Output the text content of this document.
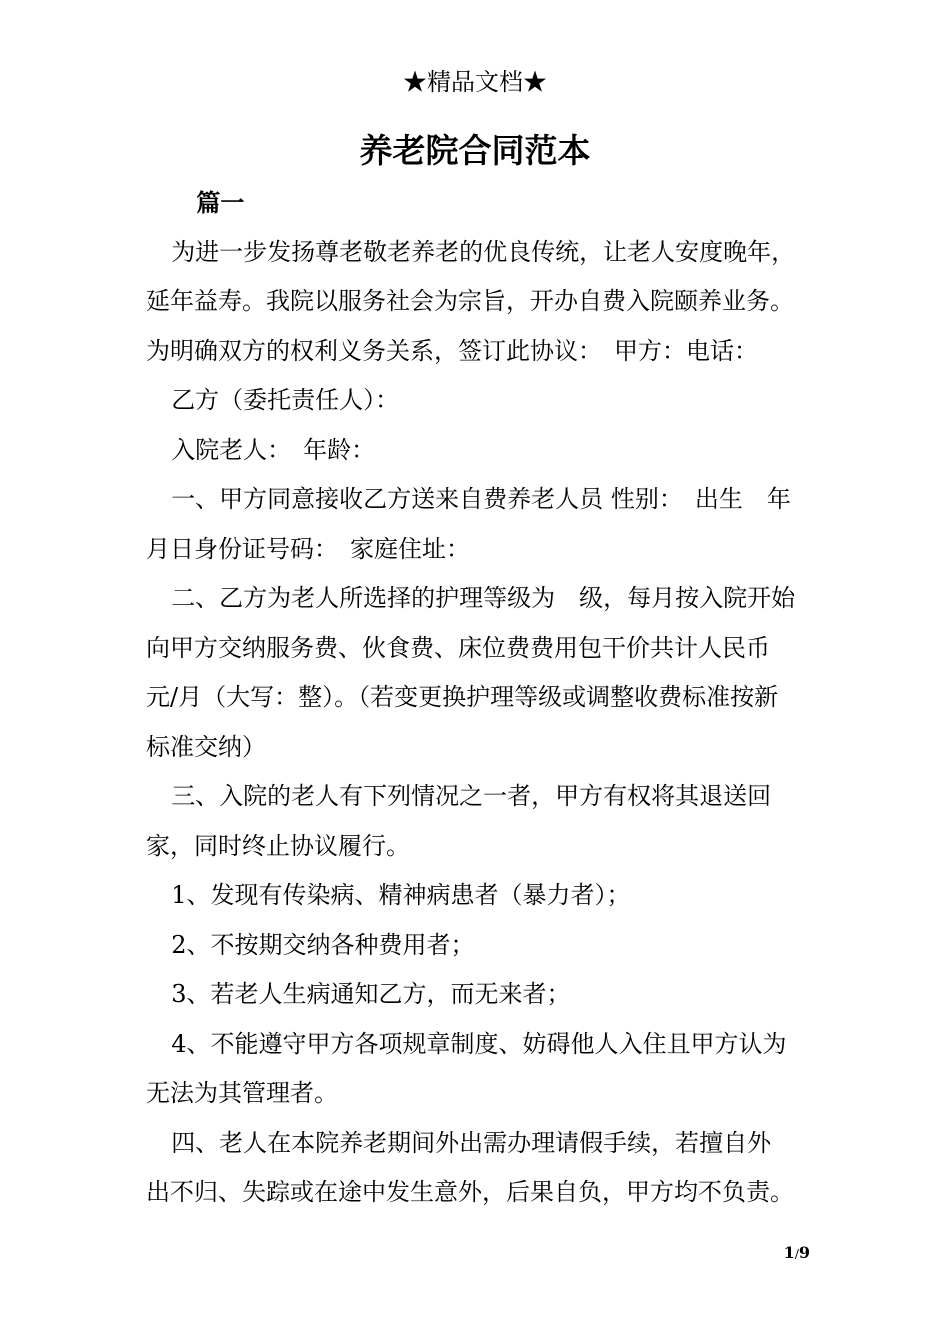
★精品文档★
养老院合同范本

篇一

为进一步发扬尊老敬老养老的优良传统，让老人安度晚年，

延年益寿。我院以服务社会为宗旨，开办自费入院颐养业务。

为明确双方的权利义务关系，签订此协议：　甲方：电话：

乙方（委托责任人）：

入院老人：　年龄：

一、甲方同意接收乙方送来自费养老人员 性别：　出生　年

月日身份证号码：　家庭住址：

二、乙方为老人所选择的护理等级为　级，每月按入院开始

向甲方交纳服务费、伙食费、床位费费用包干价共计人民币

元/月（大写：整）。（若变更换护理等级或调整收费标准按新

标准交纳）

三、入院的老人有下列情况之一者，甲方有权将其退送回

家，同时终止协议履行。

1、发现有传染病、精神病患者（暴力者）；

2、不按期交纳各种费用者；

3、若老人生病通知乙方，而无来者；

4、不能遵守甲方各项规章制度、妨碍他人入住且甲方认为

无法为其管理者。

四、老人在本院养老期间外出需办理请假手续，若擅自外

出不归、失踪或在途中发生意外，后果自负，甲方均不负责。

1/9
